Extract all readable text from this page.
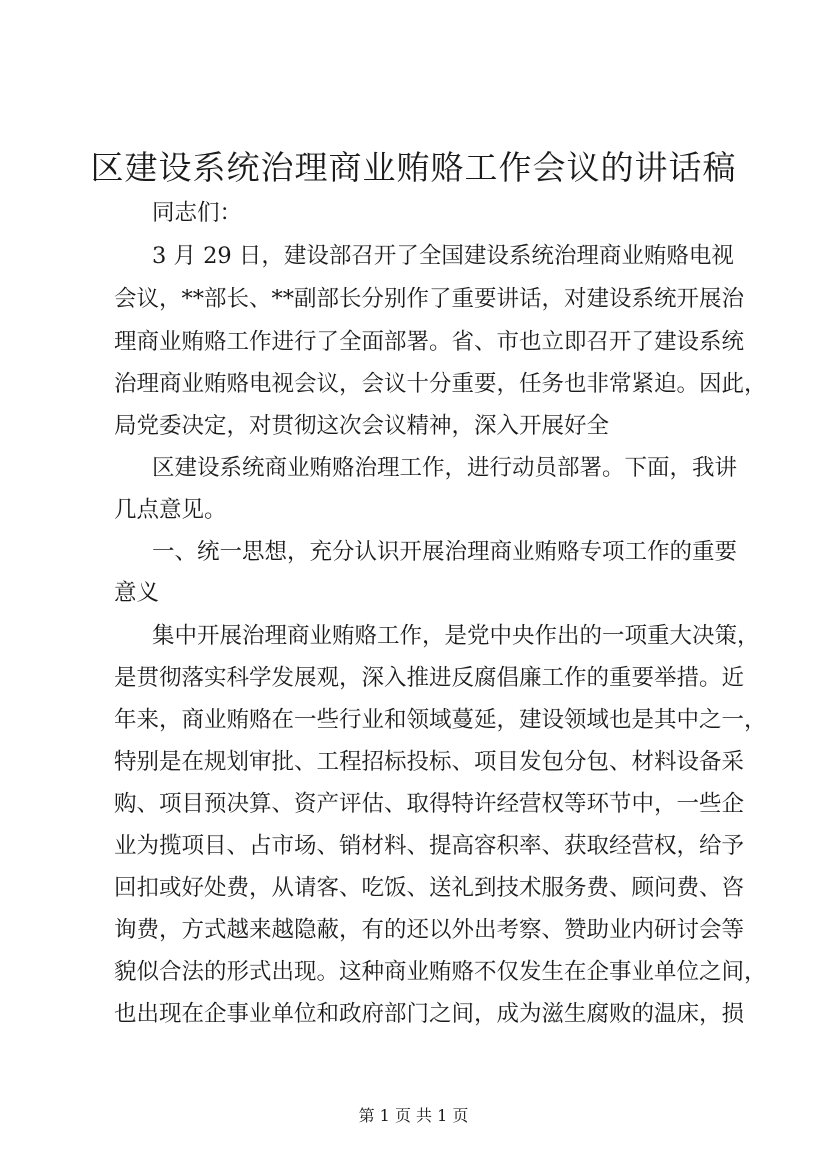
区建设系统治理商业贿赂工作会议的讲话稿
同志们：
3 月 29 日，建设部召开了全国建设系统治理商业贿赂电视
会议，**部长、**副部长分别作了重要讲话，对建设系统开展治
理商业贿赂工作进行了全面部署。省、市也立即召开了建设系统
治理商业贿赂电视会议，会议十分重要，任务也非常紧迫。因此，
局党委决定，对贯彻这次会议精神，深入开展好全
区建设系统商业贿赂治理工作，进行动员部署。下面，我讲
几点意见。
一、统一思想，充分认识开展治理商业贿赂专项工作的重要
意义
集中开展治理商业贿赂工作，是党中央作出的一项重大决策，
是贯彻落实科学发展观，深入推进反腐倡廉工作的重要举措。近
年来，商业贿赂在一些行业和领域蔓延，建设领域也是其中之一，
特别是在规划审批、工程招标投标、项目发包分包、材料设备采
购、项目预决算、资产评估、取得特许经营权等环节中，一些企
业为揽项目、占市场、销材料、提高容积率、获取经营权，给予
回扣或好处费，从请客、吃饭、送礼到技术服务费、顾问费、咨
询费，方式越来越隐蔽，有的还以外出考察、赞助业内研讨会等
貌似合法的形式出现。这种商业贿赂不仅发生在企事业单位之间，
也出现在企事业单位和政府部门之间，成为滋生腐败的温床，损
第 1 页 共 1 页
